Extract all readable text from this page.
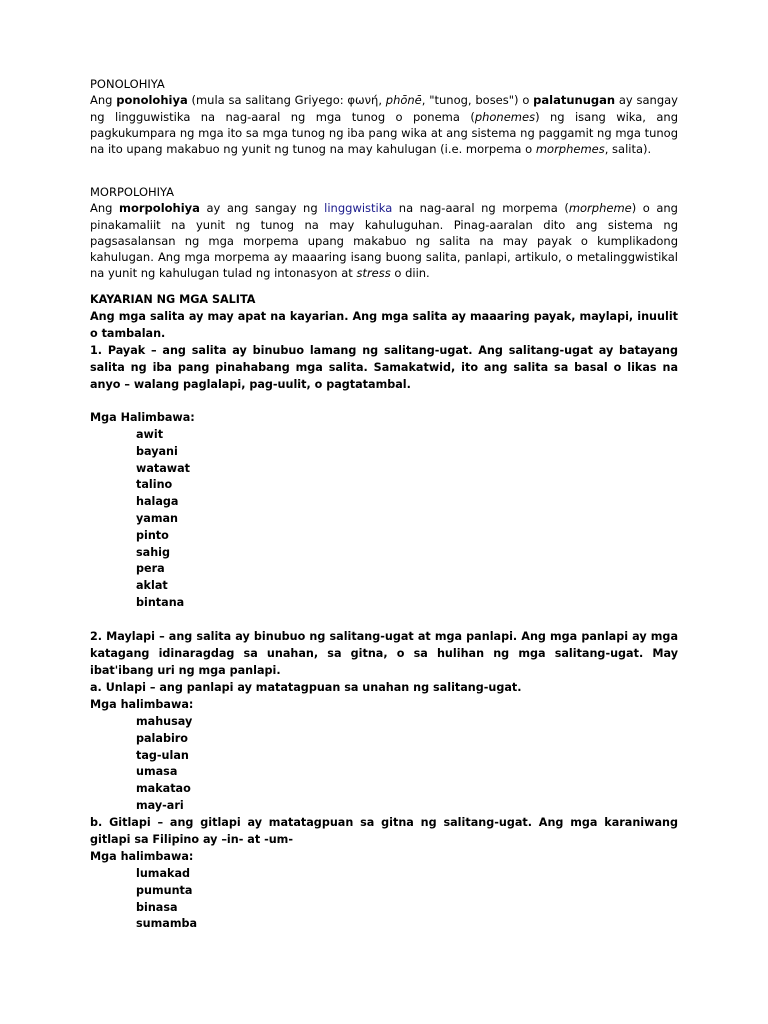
PONOLOHIYA
Ang ponolohiya (mula sa salitang Griyego: φωνή, phōnē, "tunog, boses") o palatunugan ay sangay ng lingguwistika na nag-aaral ng mga tunog o ponema (phonemes) ng isang wika, ang pagkukumpara ng mga ito sa mga tunog ng iba pang wika at ang sistema ng paggamit ng mga tunog na ito upang makabuo ng yunit ng tunog na may kahulugan (i.e. morpema o morphemes, salita).
MORPOLOHIYA
Ang morpolohiya ay ang sangay ng linggwistika na nag-aaral ng morpema (morpheme) o ang pinakamaliit na yunit ng tunog na may kahuluguhan. Pinag-aaralan dito ang sistema ng pagsasalansan ng mga morpema upang makabuo ng salita na may payak o kumplikadong kahulugan. Ang mga morpema ay maaaring isang buong salita, panlapi, artikulo, o metalinggwistikal na yunit ng kahulugan tulad ng intonasyon at stress o diin.
KAYARIAN NG MGA SALITA
Ang mga salita ay may apat na kayarian. Ang mga salita ay maaaring payak, maylapi, inuulit o tambalan.
1. Payak – ang salita ay binubuo lamang ng salitang-ugat. Ang salitang-ugat ay batayang salita ng iba pang pinahabang mga salita. Samakatwid, ito ang salita sa basal o likas na anyo – walang paglalapi, pag-uulit, o pagtatambal.
Mga Halimbawa:
awit
bayani
watawat
talino
halaga
yaman
pinto
sahig
pera
aklat
bintana
2. Maylapi – ang salita ay binubuo ng salitang-ugat at mga panlapi. Ang mga panlapi ay mga katagang idinaragdag sa unahan, sa gitna, o sa hulihan ng mga salitang-ugat. May ibat'ibang uri ng mga panlapi.
a. Unlapi – ang panlapi ay matatagpuan sa unahan ng salitang-ugat.
Mga halimbawa:
mahusay
palabiro
tag-ulan
umasa
makatao
may-ari
b. Gitlapi – ang gitlapi ay matatagpuan sa gitna ng salitang-ugat. Ang mga karaniwang gitlapi sa Filipino ay –in- at -um-
Mga halimbawa:
lumakad
pumunta
binasa
sumamba
